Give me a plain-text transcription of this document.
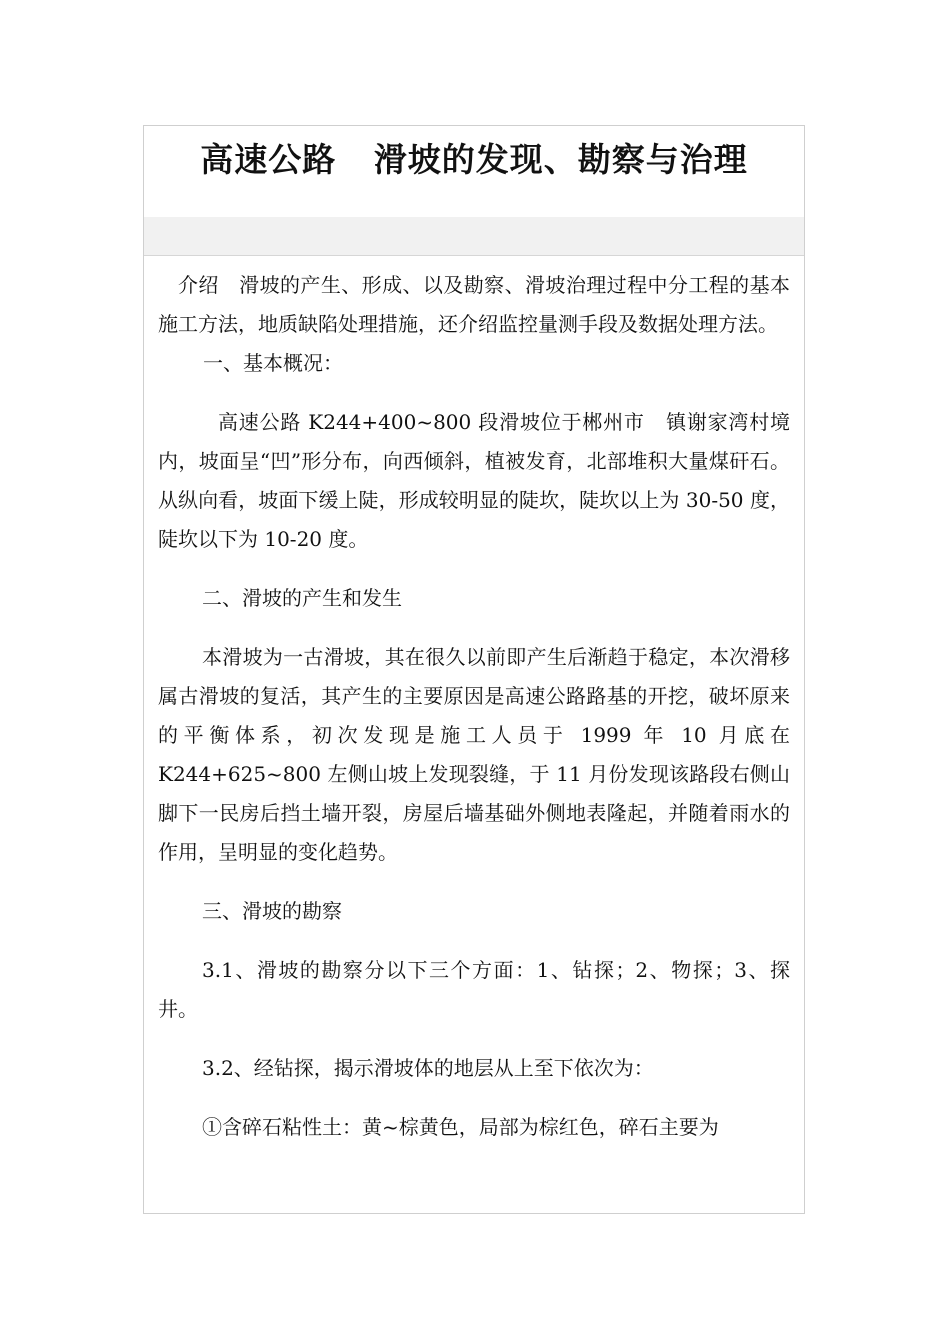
高速公路   滑坡的发现、勘察与治理

介绍   滑坡的产生、形成、以及勘察、滑坡治理过程中分工程的基本施工方法，地质缺陷处理措施，还介绍监控量测手段及数据处理方法。

一、基本概况：

高速公路 K244+400~800 段滑坡位于郴州市   镇谢家湾村境内，坡面呈“凹”形分布，向西倾斜，植被发育，北部堆积大量煤矸石。从纵向看，坡面下缓上陡，形成较明显的陡坎，陡坎以上为 30-50 度，陡坎以下为 10-20 度。

二、滑坡的产生和发生

本滑坡为一古滑坡，其在很久以前即产生后渐趋于稳定，本次滑移属古滑坡的复活，其产生的主要原因是高速公路路基的开挖，破坏原来的平衡体系，初次发现是施工人员于 1999 年 10 月底在 K244+625~800 左侧山坡上发现裂缝，于 11 月份发现该路段右侧山脚下一民房后挡土墙开裂，房屋后墙基础外侧地表隆起，并随着雨水的作用，呈明显的变化趋势。

三、滑坡的勘察

3.1、滑坡的勘察分以下三个方面：1、钻探；2、物探；3、探井。

3.2、经钻探，揭示滑坡体的地层从上至下依次为：

①含碎石粘性土：黄~棕黄色，局部为棕红色，碎石主要为
